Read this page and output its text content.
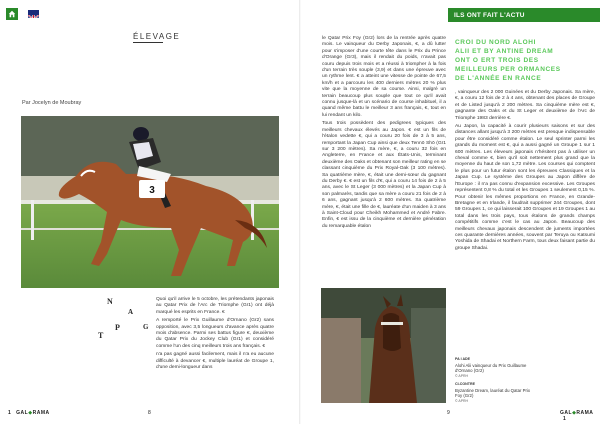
ILS ONT FAIT L'ACTU
ÉLEVAGE
Par Jocelyn de Moubray
3
N
A
P
T
G

Quoi qu'il arrive le 5 octobre, les prétendants japonais au Qatar Prix de l'Arc de Triomphe (Gr1) ont déjà marqué les esprits en France. €

A remporté le Prix Guillaume d'Ornano (Gr2) sans opposition, avec 3,5 longueurs d'avance après quatre mois d'absence. Parmi ses battus figure €, deuxième du Qatar Prix du Jockey Club (Gr1) et considéré comme l'un des cinq meilleurs trois ans français. €

n'a pas gagné aussi facilement, mais il n'a eu aucune difficulté à devancer €, multiple lauréat de Groupe 1, d'une demi-longueur dans

le Qatar Prix Foy (Gr2) lors de la rentrée après quatre mois. Le vainqueur du Derby Japonais, €, a dû lutter pour s'imposer d'une courte tête dans le Prix du Prince d'Orange (Gr3), mais il rendait du poids, n'avait pas couru depuis trois mois et a réussi à triompher à la fois d'un terrain très souple (3,9) et dans une épreuve avec un rythme lent. € a atteint une vitesse de pointe de 67,5 km/h et a parcouru les 400 derniers mètres 20 % plus vite que la moyenne de sa course. Ainsi, malgré un terrain beaucoup plus souple que tout ce qu'il avait connu jusque-là et un scénario de course inhabituel, il a quand même battu le meilleur 3 ans français, €, tout en lui rendant un kilo.

Tous trois possèdent des pedigrees typiques des meilleurs chevaux élevés au Japon. € est un fils de l'étalon vedette €, qui a couru 20 fois de 3 à 5 ans, remportant la Japan Cup ainsi que deux Tennō Shō (Gr1 sur 3 200 mètres). Sa mère, €, a couru 32 fois en Angleterre, en France et aux États-Unis, terminant deuxième des Oaks et obtenant son meilleur rating en se classant cinquième du Prix Royal-Oak (3 100 mètres). Sa quatrième mère, €, était une demi-sœur du gagnant du Derby €. € est un fils d'€, qui a couru 14 fois de 2 à 5 ans, avec le St Leger (3 000 mètres) et la Japan Cup à son palmarès, tandis que sa mère a couru 21 fois de 2 à 6 ans, gagnant jusqu'à 2 600 mètres. Sa quatrième mère, €, était une fille de €, lauréate d'un maiden à 3 ans à Saint-Cloud pour Cheikh Mohammed et André Fabre. Enfin, € est issu de la cinquième et dernière génération du remarquable étalon

CROI DU NORD ALOHI
ALII ET BY ANTINE DREAM
ONT O ERT TROIS DES
MEILLEURS PER ORMANCES
DE L'ANNÉE EN RANCE

, vainqueur des 2 000 Guinées et du Derby Japonais. Sa mère, €, a couru 12 fois de 2 à 4 ans, obtenant des places de Groupe et de Listed jusqu'à 2 200 mètres. Sa cinquième mère est €, gagnante des Oaks et du St Leger et deuxième de l'Arc de Triomphe 1983 derrière €.

Au Japon, la capacité à courir plusieurs saisons et sur des distances allant jusqu'à 3 200 mètres est presque indispensable pour être considéré comme étalon. Le seul sprinter parmi les grands du moment est €, qui a aussi gagné un Groupe 1 sur 1 600 mètres. Les éleveurs japonais n'hésitent pas à utiliser un cheval comme €, bien qu'il soit nettement plus grand que la moyenne du haut de son 1,72 mètre. Les courses qui comptent le plus pour un futur étalon sont les épreuves Classiques et la Japan Cup. Le système des Groupes au Japon diffère de l'Europe : il n'a pas connu d'expansion excessive. Les Groupes représentent 0,8 % du total et les Groupes 1 seulement 0,15 %. Pour obtenir les mêmes proportions en France, en Grande-Bretagne et en Irlande, il faudrait supprimer 244 Groupes, dont 59 Groupes 1, ce qui laisserait 100 Groupes et 19 Groupes 1 au total dans les trois pays, tous étalons de grands champs compétitifs comme c'est le cas au Japon. Beaucoup des meilleurs chevaux japonais descendent de juments importées ces quarante dernières années, souvent par Teruya ou Katsumi Yoshida de Shadai et Northern Farm, tous deux faisant partie du groupe Shadai.

PA I ADE
Alohi Alii vainqueur du Prix Guillaume d'Ornano (Gr2)
© APRH
CI-CONTRE
Byzantine Dream, lauréat du Qatar Prix Foy (Gr2)
© APRH
1 GAL◆RAMA	8	9	GAL◆RAMA 1
